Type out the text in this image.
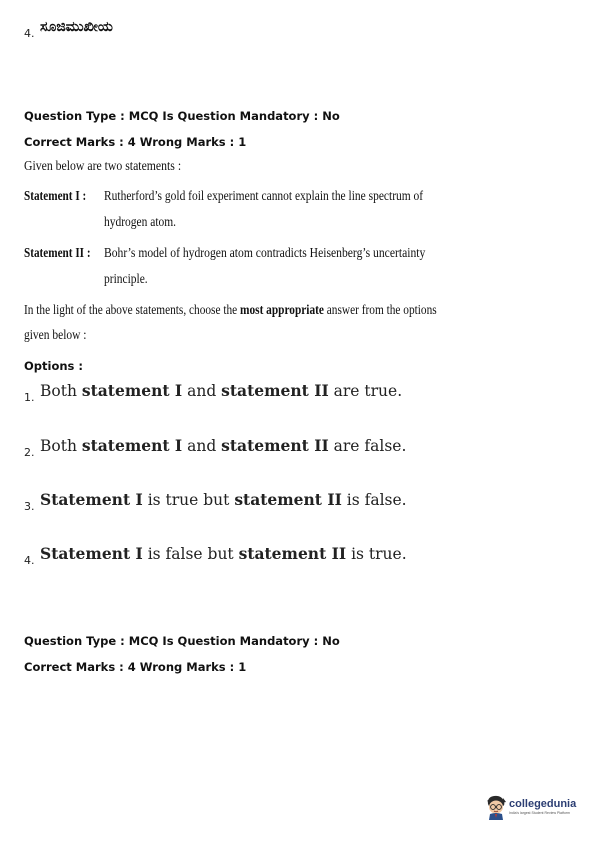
4. ಸೂಜಿಮುಖೀಯ
Question Type : MCQ Is Question Mandatory : No
Correct Marks : 4 Wrong Marks : 1
Given below are two statements :
Statement I : Rutherford’s gold foil experiment cannot explain the line spectrum of
hydrogen atom.
Statement II : Bohr’s model of hydrogen atom contradicts Heisenberg’s uncertainty
principle.
In the light of the above statements, choose the most appropriate answer from the options
given below :
Options :
1. Both statement I and statement II are true.
2. Both statement I and statement II are false.
3. Statement I is true but statement II is false.
4. Statement I is false but statement II is true.
Question Type : MCQ Is Question Mandatory : No
Correct Marks : 4 Wrong Marks : 1
collegedunia
India's largest Student Review Platform
